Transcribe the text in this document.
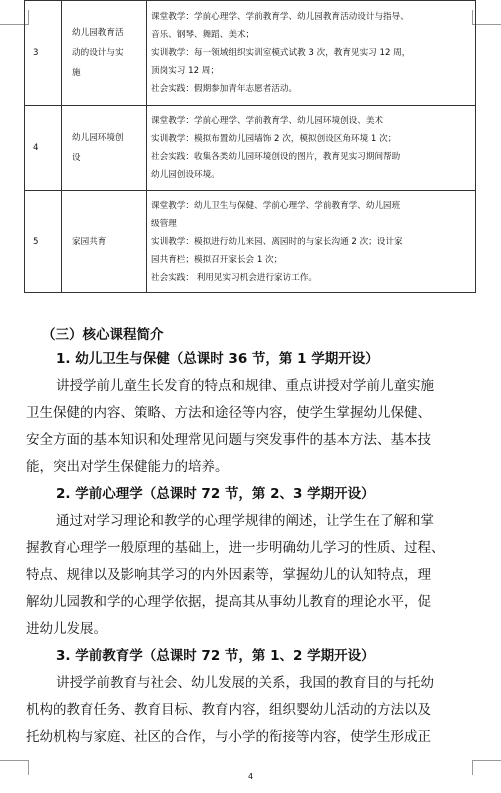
3	幼儿园教育活
动的设计与实
施	课堂教学：学前心理学、学前教育学、幼儿园教育活动设计与指导、
音乐、钢琴、舞蹈、美术；
实训教学：每一领域组织实训室模式试教 3 次，教育见实习 12 周，
顶岗实习 12 周；
社会实践：假期参加青年志愿者活动。

4	幼儿园环境创
设	课堂教学：学前心理学、学前教育学、幼儿园环境创设、美术
实训教学：模拟布置幼儿园墙饰 2 次，模拟创设区角环境 1 次；
社会实践：收集各类幼儿园环境创设的图片，教育见实习期间帮助
幼儿园创设环境。

5	家园共育	课堂教学：幼儿卫生与保健、学前心理学、学前教育学、幼儿园班
级管理
实训教学：模拟进行幼儿来园、离园时的与家长沟通 2 次；设计家
园共育栏；模拟召开家长会 1 次；
社会实践： 利用见实习机会进行家访工作。
（三）核心课程简介
1. 幼儿卫生与保健（总课时 36 节，第 1 学期开设）

讲授学前儿童生长发育的特点和规律、重点讲授对学前儿童实施
卫生保健的内容、策略、方法和途径等内容，使学生掌握幼儿保健、
安全方面的基本知识和处理常见问题与突发事件的基本方法、基本技
能，突出对学生保健能力的培养。

2. 学前心理学（总课时 72 节，第 2、3 学期开设）

通过对学习理论和教学的心理学规律的阐述，让学生在了解和掌
握教育心理学一般原理的基础上，进一步明确幼儿学习的性质、过程、
特点、规律以及影响其学习的内外因素等，掌握幼儿的认知特点，理
解幼儿园教和学的心理学依据，提高其从事幼儿教育的理论水平，促
进幼儿发展。

3. 学前教育学（总课时 72 节，第 1、2 学期开设）

讲授学前教育与社会、幼儿发展的关系，我国的教育目的与托幼
机构的教育任务、教育目标、教育内容，组织婴幼儿活动的方法以及
托幼机构与家庭、社区的合作，与小学的衔接等内容，使学生形成正

4
